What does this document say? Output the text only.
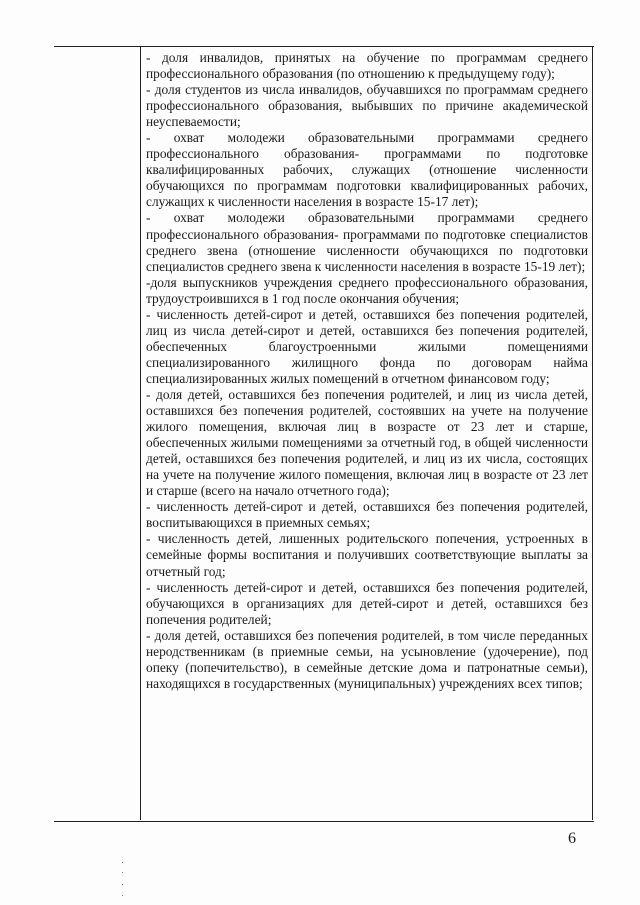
- доля инвалидов, принятых на обучение по программам среднего профессионального образования (по отношению к предыдущему году);

- доля студентов из числа инвалидов, обучавшихся по программам среднего профессионального образования, выбывших по причине академической неуспеваемости;

- охват молодежи образовательными программами среднего профессионального образования- программами по подготовке квалифицированных рабочих, служащих (отношение численности обучающихся по программам подготовки квалифицированных рабочих, служащих к численности населения в возрасте 15-17 лет);

- охват молодежи образовательными программами среднего профессионального образования- программами по подготовке специалистов среднего звена (отношение численности обучающихся по подготовки специалистов среднего звена к численности населения в возрасте 15-19 лет);

-доля выпускников учреждения среднего профессионального образования, трудоустроившихся в 1 год после окончания обучения;

- численность детей-сирот и детей, оставшихся без попечения родителей, лиц из числа детей-сирот и детей, оставшихся без попечения родителей, обеспеченных благоустроенными жилыми помещениями специализированного жилищного фонда по договорам найма специализированных жилых помещений в отчетном финансовом году;

- доля детей, оставшихся без попечения родителей, и лиц из числа детей, оставшихся без попечения родителей, состоявших на учете на получение жилого помещения, включая лиц в возрасте от 23 лет и старше, обеспеченных жилыми помещениями за отчетный год, в общей численности детей, оставшихся без попечения родителей, и лиц из их числа, состоящих на учете на получение жилого помещения, включая лиц в возрасте от 23 лет и старше (всего на начало отчетного года);

- численность детей-сирот и детей, оставшихся без попечения родителей, воспитывающихся в приемных семьях;

- численность детей, лишенных родительского попечения, устроенных в семейные формы воспитания и получивших соответствующие выплаты за отчетный год;

- численность детей-сирот и детей, оставшихся без попечения родителей, обучающихся в организациях для детей-сирот и детей, оставшихся без попечения родителей;

- доля детей, оставшихся без попечения родителей, в том числе переданных неродственникам (в приемные семьи, на усыновление (удочерение), под опеку (попечительство), в семейные детские дома и патронатные семьи), находящихся в государственных (муниципальных) учреждениях всех типов;

6
